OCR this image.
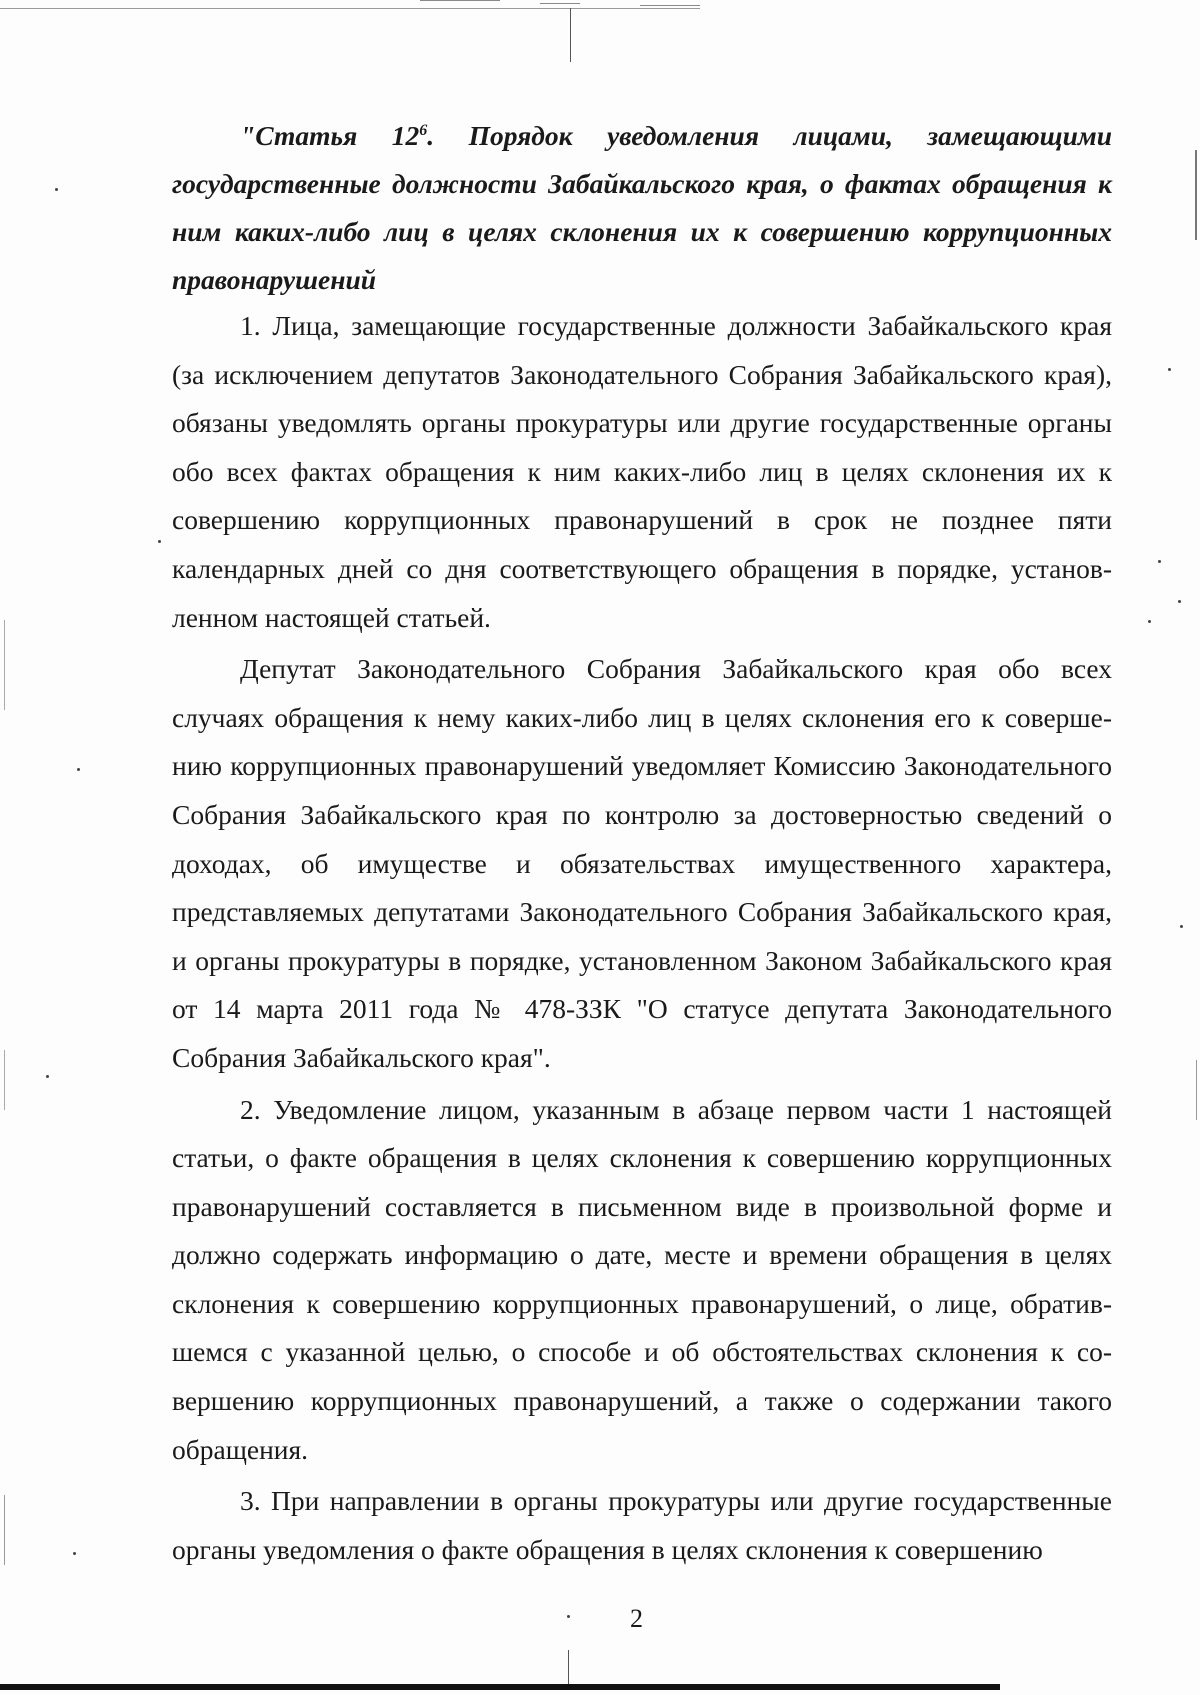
"Статья $12^6$. Порядок уведомления лицами, замещающими государственные должности Забайкальского края, о фактах обращения к ним каких-либо лиц в целях склонения их к совершению коррупционных правонарушений

1. Лица, замещающие государственные должности Забайкальского края (за исключением депутатов Законодательного Собрания Забайкальского края), обязаны уведомлять органы прокуратуры или другие государственные органы обо всех фактах обращения к ним каких-либо лиц в целях склонения их к совершению коррупционных правонарушений в срок не позднее пяти календарных дней со дня соответствующего обращения в порядке, установленном настоящей статьей.

Депутат Законодательного Собрания Забайкальского края обо всех случаях обращения к нему каких-либо лиц в целях склонения его к совершению коррупционных правонарушений уведомляет Комиссию Законодательного Собрания Забайкальского края по контролю за достоверностью сведений о доходах, об имуществе и обязательствах имущественного характера, представляемых депутатами Законодательного Собрания Забайкальского края, и органы прокуратуры в порядке, установленном Законом Забайкальского края от 14 марта 2011 года № 478-ЗЗК "О статусе депутата Законодательного Собрания Забайкальского края".

2. Уведомление лицом, указанным в абзаце первом части 1 настоящей статьи, о факте обращения в целях склонения к совершению коррупционных правонарушений составляется в письменном виде в произвольной форме и должно содержать информацию о дате, месте и времени обращения в целях склонения к совершению коррупционных правонарушений, о лице, обратившемся с указанной целью, о способе и об обстоятельствах склонения к совершению коррупционных правонарушений, а также о содержании такого обращения.

3. При направлении в органы прокуратуры или другие государственные органы уведомления о факте обращения в целях склонения к совершению

2
